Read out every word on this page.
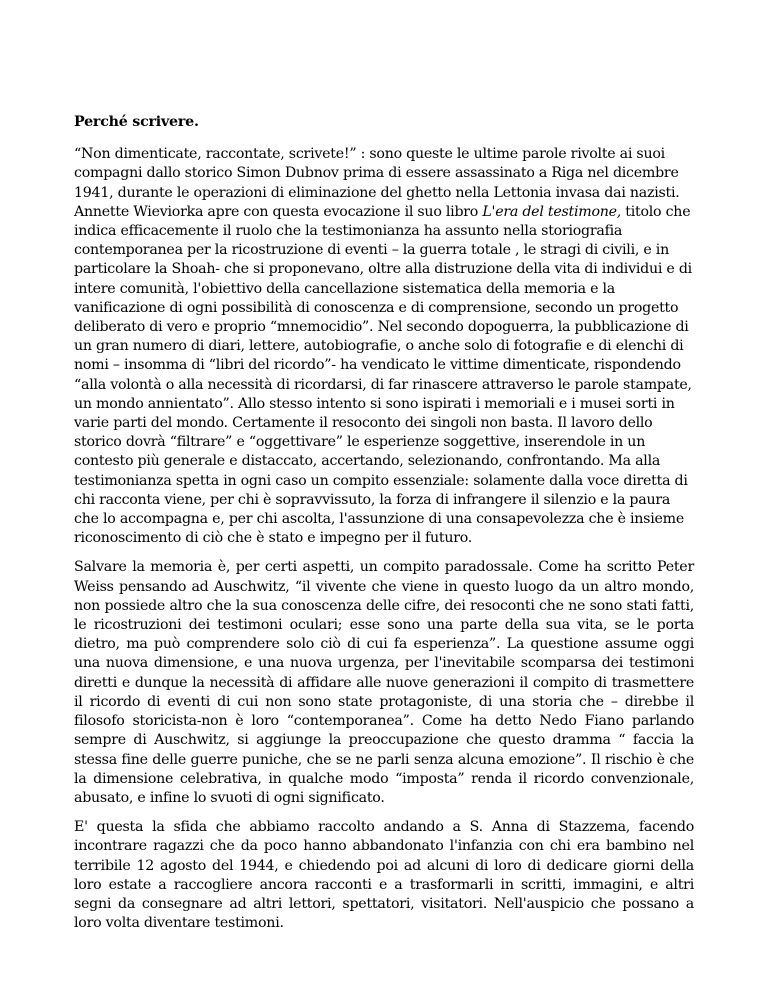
Perché scrivere.

“Non dimenticate, raccontate, scrivete!” : sono queste le ultime parole rivolte ai suoi compagni dallo storico Simon Dubnov prima di essere assassinato a Riga nel dicembre 1941, durante le operazioni di eliminazione del ghetto nella Lettonia invasa dai nazisti. Annette Wieviorka apre con questa evocazione il suo libro L'era del testimone, titolo che indica efficacemente il ruolo che la testimonianza ha assunto nella storiografia contemporanea per la ricostruzione di eventi – la guerra totale , le stragi di civili, e in particolare la Shoah- che si proponevano, oltre alla distruzione della vita di individui e di intere comunità, l'obiettivo della cancellazione sistematica della memoria e la vanificazione di ogni possibilità di conoscenza e di comprensione, secondo un progetto deliberato di vero e proprio “mnemocidio”. Nel secondo dopoguerra, la pubblicazione di un gran numero di diari, lettere, autobiografie, o anche solo di fotografie e di elenchi di nomi – insomma di “libri del ricordo”- ha vendicato le vittime dimenticate, rispondendo “alla volontà o alla necessità di ricordarsi, di far rinascere attraverso le parole stampate, un mondo annientato”. Allo stesso intento si sono ispirati i memoriali e i musei sorti in varie parti del mondo. Certamente il resoconto dei singoli non basta. Il lavoro dello storico dovrà “filtrare” e “oggettivare” le esperienze soggettive, inserendole in un contesto più generale e distaccato, accertando, selezionando, confrontando. Ma alla testimonianza spetta in ogni caso un compito essenziale: solamente dalla voce diretta di chi racconta viene, per chi è sopravvissuto, la forza di infrangere il silenzio e la paura che lo accompagna e, per chi ascolta, l'assunzione di una consapevolezza che è insieme riconoscimento di ciò che è stato e impegno per il futuro.

Salvare la memoria è, per certi aspetti, un compito paradossale. Come ha scritto Peter Weiss pensando ad Auschwitz, “il vivente che viene in questo luogo da un altro mondo, non possiede altro che la sua conoscenza delle cifre, dei resoconti che ne sono stati fatti, le ricostruzioni dei testimoni oculari; esse sono una parte della sua vita, se le porta dietro, ma può comprendere solo ciò di cui fa esperienza”. La questione assume oggi una nuova dimensione, e una nuova urgenza, per l'inevitabile scomparsa dei testimoni diretti e dunque la necessità di affidare alle nuove generazioni il compito di trasmettere il ricordo di eventi di cui non sono state protagoniste, di una storia che – direbbe il filosofo storicista-non è loro “contemporanea”. Come ha detto Nedo Fiano parlando sempre di Auschwitz, si aggiunge la preoccupazione che questo dramma “ faccia la stessa fine delle guerre puniche, che se ne parli senza alcuna emozione”. Il rischio è che la dimensione celebrativa, in qualche modo “imposta” renda il ricordo convenzionale, abusato, e infine lo svuoti di ogni significato.

E' questa la sfida che abbiamo raccolto andando a S. Anna di Stazzema, facendo incontrare ragazzi che da poco hanno abbandonato l'infanzia con chi era bambino nel terribile 12 agosto del 1944, e chiedendo poi ad alcuni di loro di dedicare giorni della loro estate a raccogliere ancora racconti e a trasformarli in scritti, immagini, e altri segni da consegnare ad altri lettori, spettatori, visitatori. Nell'auspicio che possano a loro volta diventare testimoni.
